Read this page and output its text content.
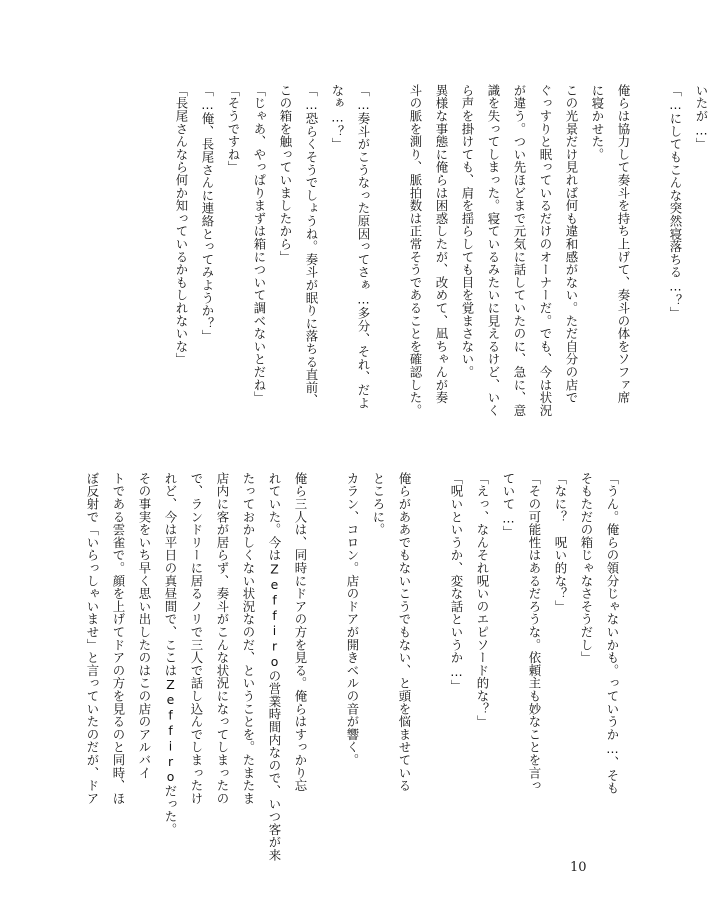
いたが…」
「…にしてもこんな突然寝落ちる…？」

俺らは協力して奏斗を持ち上げて、奏斗の体をソファ席
に寝かせた。
この光景だけ見れば何も違和感がない。ただ自分の店で
ぐっすりと眠っているだけのオーナーだ。でも、今は状況
が違う。つい先ほどまで元気に話していたのに、急に、意
識を失ってしまった。寝ているみたいに見えるけど、いく
ら声を掛けても、肩を揺らしても目を覚まさない。
異様な事態に俺らは困惑したが、改めて、凪ちゃんが奏
斗の脈を測り、脈拍数は正常そうであることを確認した。

「…奏斗がこうなった原因ってさぁ…多分、それ、だよ
なぁ…？」
「…恐らくそうでしょうね。奏斗が眠りに落ちる直前、
この箱を触っていましたから」
「じゃあ、やっぱりまずは箱について調べないとだね」
「そうですね」
「…俺、長尾さんに連絡とってみようか？」
「長尾さんなら何か知っているかもしれないな」
「うん。俺らの領分じゃないかも。っていうか…、そも
そもただの箱じゃなさそうだし」
「なに？　呪い的な？」
「その可能性はあるだろうな。依頼主も妙なことを言っ
ていて…」
「えっ、なんそれ呪いのエピソード的な？」
「呪いというか、変な話というか…」

俺らがああでもないこうでもない、と頭を悩ませている
ところに。
カラン、コロン。店のドアが開きベルの音が響く。

俺ら三人は、同時にドアの方を見る。俺らはすっかり忘
れていた。今はZeffiroの営業時間内なので、いつ客が来
たっておかしくない状況なのだ、ということを。たまたま
店内に客が居らず、奏斗がこんな状況になってしまったの
で、ランドリーに居るノリで三人で話し込んでしまったけ
れど、今は平日の真昼間で、ここはZeffiroだった。
その事実をいち早く思い出したのはこの店のアルバイ
トである雲雀で。顔を上げてドアの方を見るのと同時、ほ
ぼ反射で「いらっしゃいませ」と言っていたのだが、ドア
10
